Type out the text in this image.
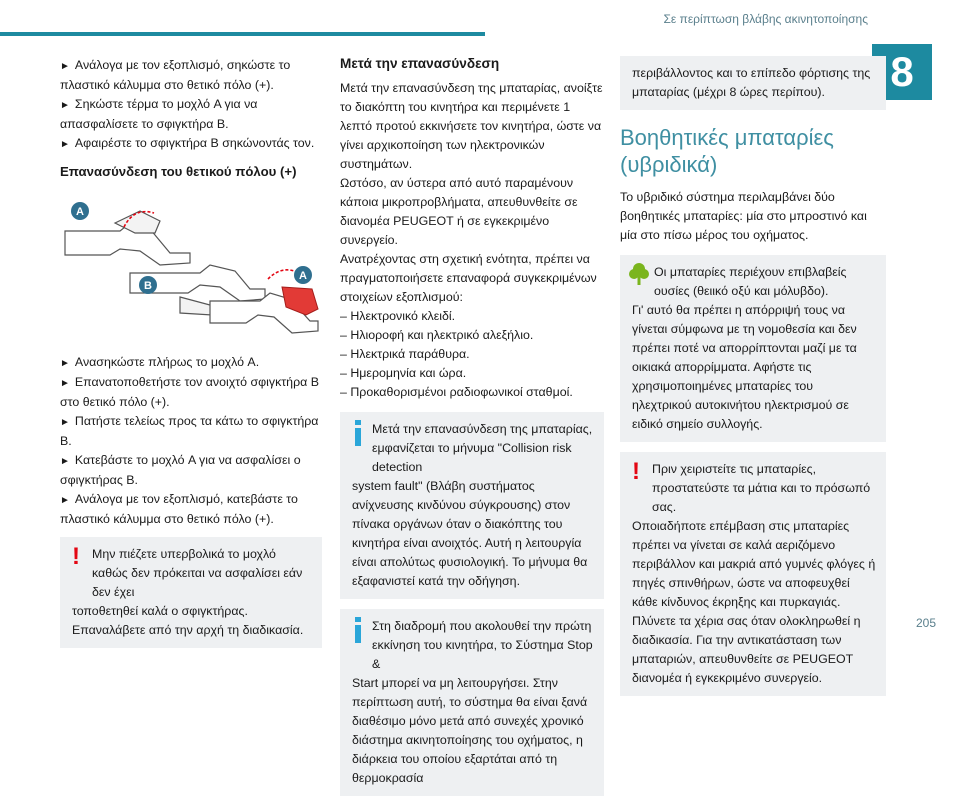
Σε περίπτωση βλάβης ακινητοποίησης
8
205
► Ανάλογα με τον εξοπλισμό, σηκώστε το πλαστικό κάλυμμα στο θετικό πόλο (+).
► Σηκώστε τέρμα το μοχλό A για να απασφαλίσετε το σφιγκτήρα B.
► Αφαιρέστε το σφιγκτήρα B σηκώνοντάς τον.
Επανασύνδεση του θετικού πόλου (+)
A
B
A
► Ανασηκώστε πλήρως το μοχλό A.
► Επανατοποθετήστε τον ανοιχτό σφιγκτήρα B στο θετικό πόλο (+).
► Πατήστε τελείως προς τα κάτω το σφιγκτήρα B.
► Κατεβάστε το μοχλό A για να ασφαλίσει ο σφιγκτήρας B.
► Ανάλογα με τον εξοπλισμό, κατεβάστε το πλαστικό κάλυμμα στο θετικό πόλο (+).
! Μην πιέζετε υπερβολικά το μοχλό καθώς δεν πρόκειται να ασφαλίσει εάν δεν έχει
τοποθετηθεί καλά ο σφιγκτήρας. Επαναλάβετε από την αρχή τη διαδικασία.
Μετά την επανασύνδεση
Μετά την επανασύνδεση της μπαταρίας, ανοίξτε το διακόπτη του κινητήρα και περιμένετε 1 λεπτό προτού εκκινήσετε τον κινητήρα, ώστε να γίνει αρχικοποίηση των ηλεκτρονικών συστημάτων.
Ωστόσο, αν ύστερα από αυτό παραμένουν κάποια μικροπροβλήματα, απευθυνθείτε σε διανομέα PEUGEOT ή σε εγκεκριμένο συνεργείο.
Ανατρέχοντας στη σχετική ενότητα, πρέπει να πραγματοποιήσετε επαναφορά συγκεκριμένων στοιχείων εξοπλισμού:
– Ηλεκτρονικό κλειδί.
– Ηλιοροφή και ηλεκτρικό αλεξήλιο.
– Ηλεκτρικά παράθυρα.
– Ημερομηνία και ώρα.
– Προκαθορισμένοι ραδιοφωνικοί σταθμοί.
Μετά την επανασύνδεση της μπαταρίας, εμφανίζεται το μήνυμα "Collision risk detection
system fault" (Βλάβη συστήματος ανίχνευσης κινδύνου σύγκρουσης) στον πίνακα οργάνων όταν ο διακόπτης του κινητήρα είναι ανοιχτός. Αυτή η λειτουργία είναι απολύτως φυσιολογική. Το μήνυμα θα εξαφανιστεί κατά την οδήγηση.
Στη διαδρομή που ακολουθεί την πρώτη εκκίνηση του κινητήρα, το Σύστημα Stop &
Start μπορεί να μη λειτουργήσει. Στην περίπτωση αυτή, το σύστημα θα είναι ξανά διαθέσιμο μόνο μετά από συνεχές χρονικό διάστημα ακινητοποίησης του οχήματος, η διάρκεια του οποίου εξαρτάται από τη θερμοκρασία
περιβάλλοντος και το επίπεδο φόρτισης της μπαταρίας (μέχρι 8 ώρες περίπου).
Βοηθητικές μπαταρίες (υβριδικά)
Το υβριδικό σύστημα περιλαμβάνει δύο βοηθητικές μπαταρίες: μία στο μπροστινό και μία στο πίσω μέρος του οχήματος.
Οι μπαταρίες περιέχουν επιβλαβείς ουσίες (θειικό οξύ και μόλυβδο).
Γι' αυτό θα πρέπει η απόρριψή τους να γίνεται σύμφωνα με τη νομοθεσία και δεν πρέπει ποτέ να απορρίπτονται μαζί με τα οικιακά απορρίμματα. Αφήστε τις χρησιμοποιημένες μπαταρίες του ηλεχτρικού αυτοκινήτου ηλεκτρισμού σε ειδικό σημείο συλλογής.
! Πριν χειριστείτε τις μπαταρίες, προστατεύστε τα μάτια και το πρόσωπό σας.
Οποιαδήποτε επέμβαση στις μπαταρίες πρέπει να γίνεται σε καλά αεριζόμενο περιβάλλον και μακριά από γυμνές φλόγες ή πηγές σπινθήρων, ώστε να αποφευχθεί κάθε κίνδυνος έκρηξης και πυρκαγιάς. Πλύνετε τα χέρια σας όταν ολοκληρωθεί η διαδικασία. Για την αντικατάσταση των μπαταριών, απευθυνθείτε σε PEUGEOT διανομέα ή εγκεκριμένο συνεργείο.
